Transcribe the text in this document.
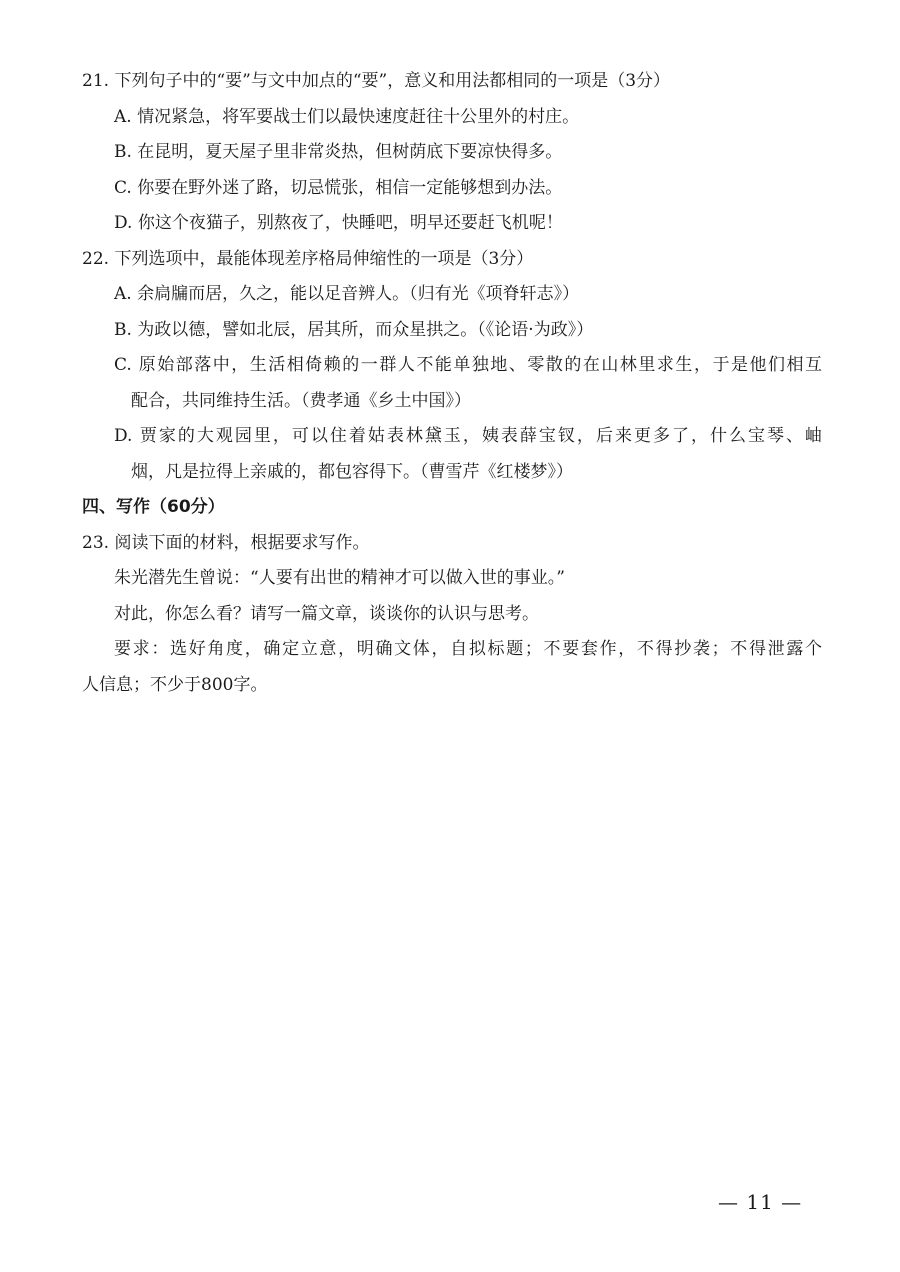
21. 下列句子中的“要”与文中加点的“要”，意义和用法都相同的一项是（3分）
A. 情况紧急，将军要战士们以最快速度赶往十公里外的村庄。
B. 在昆明，夏天屋子里非常炎热，但树荫底下要凉快得多。
C. 你要在野外迷了路，切忌慌张，相信一定能够想到办法。
D. 你这个夜猫子，别熬夜了，快睡吧，明早还要赶飞机呢！
22. 下列选项中，最能体现差序格局伸缩性的一项是（3分）
A. 余扃牖而居，久之，能以足音辨人。（归有光《项脊轩志》）
B. 为政以德，譬如北辰，居其所，而众星拱之。（《论语·为政》）
C. 原始部落中，生活相倚赖的一群人不能单独地、零散的在山林里求生，于是他们相互
配合，共同维持生活。（费孝通《乡土中国》）
D. 贾家的大观园里，可以住着姑表林黛玉，姨表薛宝钗，后来更多了，什么宝琴、岫
烟，凡是拉得上亲戚的，都包容得下。（曹雪芹《红楼梦》）
四、写作（60分）
23. 阅读下面的材料，根据要求写作。
朱光潜先生曾说：“人要有出世的精神才可以做入世的事业。”
对此，你怎么看？请写一篇文章，谈谈你的认识与思考。
要求：选好角度，确定立意，明确文体，自拟标题；不要套作，不得抄袭；不得泄露个
人信息；不少于800字。
— 11 —
